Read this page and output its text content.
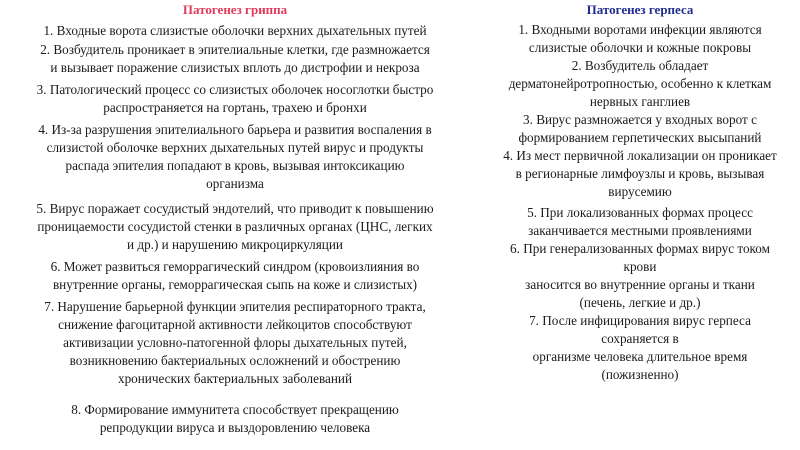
Патогенез гриппа

1. Входные ворота слизистые оболочки верхних дыхательных путей

2. Возбудитель проникает в эпителиальные клетки, где размножается
и вызывает поражение слизистых вплоть до дистрофии и некроза

3. Патологический процесс со слизистых оболочек носоглотки быстро
распространяется на гортань, трахею и бронхи

4. Из-за разрушения эпителиального барьера и развития воспаления в
слизистой оболочке верхних дыхательных путей вирус и продукты
распада эпителия попадают в кровь, вызывая интоксикацию
организма

5. Вирус поражает сосудистый эндотелий, что приводит к повышению
проницаемости сосудистой стенки в различных органах (ЦНС, легких
и др.) и нарушению микроциркуляции

6. Может развиться геморрагический синдром (кровоизлияния во
внутренние органы, геморрагическая сыпь на коже и слизистых)

7. Нарушение барьерной функции эпителия респираторного тракта,
снижение фагоцитарной активности лейкоцитов способствуют
активизации условно-патогенной флоры дыхательных путей,
возникновению бактериальных осложнений и обострению
хронических бактериальных заболеваний

8. Формирование иммунитета способствует прекращению
репродукции вируса и выздоровлению человека

Патогенез герпеса

1. Входными воротами инфекции являются
слизистые оболочки и кожные покровы

2. Возбудитель обладает
дерматонейротропностью, особенно к клеткам
нервных ганглиев

3. Вирус размножается у входных ворот с
формированием герпетических высыпаний

4. Из мест первичной локализации он проникает
в регионарные лимфоузлы и кровь, вызывая
вирусемию

5. При локализованных формах процесс
заканчивается местными проявлениями

6. При генерализованных формах вирус током
крови
заносится во внутренние органы и ткани
(печень, легкие и др.)

7. После инфицирования вирус герпеса
сохраняется в
организме человека длительное время
(пожизненно)
